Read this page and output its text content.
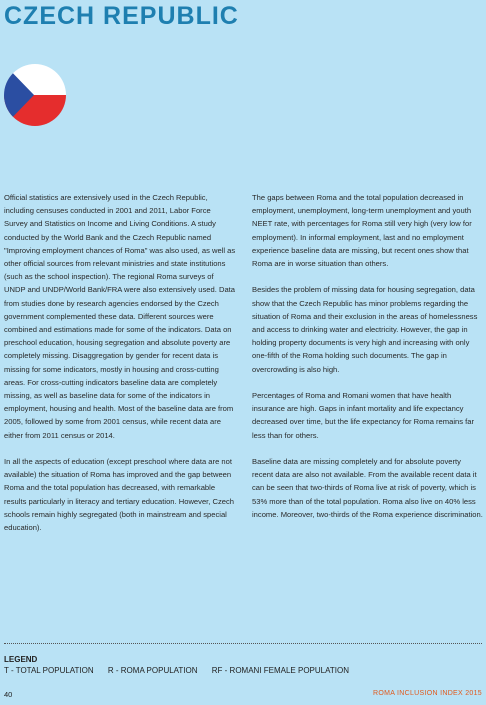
CZECH REPUBLIC

Official statistics are extensively used in the Czech Republic, including censuses conducted in 2001 and 2011, Labor Force Survey and Statistics on Income and Living Conditions. A study conducted by the World Bank and the Czech Republic named "Improving employment chances of Roma" was also used, as well as other official sources from relevant ministries and state institutions (such as the school inspection). The regional Roma surveys of UNDP and UNDP/World Bank/FRA were also extensively used. Data from studies done by research agencies endorsed by the Czech government complemented these data. Different sources were combined and estimations made for some of the indicators. Data on preschool education, housing segregation and absolute poverty are completely missing. Disaggregation by gender for recent data is missing for some indicators, mostly in housing and cross-cutting areas. For cross-cutting indicators baseline data are completely missing, as well as baseline data for some of the indicators in employment, housing and health. Most of the baseline data are from 2005, followed by some from 2001 census, while recent data are either from 2011 census or 2014.

In all the aspects of education (except preschool where data are not available) the situation of Roma has improved and the gap between Roma and the total population has decreased, with remarkable results particularly in literacy and tertiary education. However, Czech schools remain highly segregated (both in mainstream and special education).

The gaps between Roma and the total population decreased in employment, unemployment, long-term unemployment and youth NEET rate, with percentages for Roma still very high (very low for employment). In informal employment, last and no employment experience baseline data are missing, but recent ones show that Roma are in worse situation than others.

Besides the problem of missing data for housing segregation, data show that the Czech Republic has minor problems regarding the situation of Roma and their exclusion in the areas of homelessness and access to drinking water and electricity. However, the gap in holding property documents is very high and increasing with only one-fifth of the Roma holding such documents. The gap in overcrowding is also high.

Percentages of Roma and Romani women that have health insurance are high. Gaps in infant mortality and life expectancy decreased over time, but the life expectancy for Roma remains far less than for others.

Baseline data are missing completely and for absolute poverty recent data are also not available. From the available recent data it can be seen that two-thirds of Roma live at risk of poverty, which is 53% more than of the total population. Roma also live on 40% less income. Moreover, two-thirds of the Roma experience discrimination.

LEGEND
T - TOTAL POPULATION R - ROMA POPULATION RF - ROMANI FEMALE POPULATION
40	ROMA INCLUSION INDEX 2015
